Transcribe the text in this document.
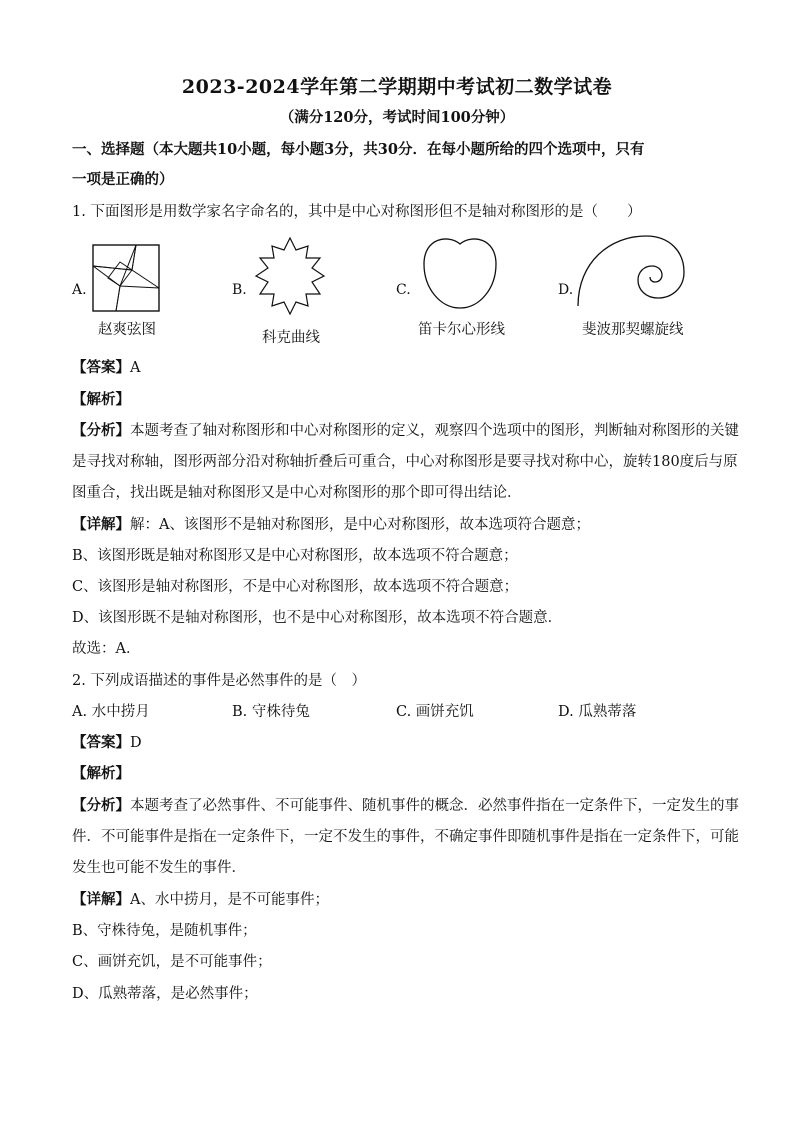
2023-2024学年第二学期期中考试初二数学试卷
（满分120分，考试时间100分钟）
一、选择题（本大题共10小题，每小题3分，共30分．在每小题所给的四个选项中，只有
一项是正确的）
1. 下面图形是用数学家名字命名的，其中是中心对称图形但不是轴对称图形的是（　　）
A.
赵爽弦图
B.
科克曲线
C.
笛卡尔心形线
D.
斐波那契螺旋线
【答案】A
【解析】
【分析】本题考查了轴对称图形和中心对称图形的定义，观察四个选项中的图形，判断轴对称图形的关键
是寻找对称轴，图形两部分沿对称轴折叠后可重合，中心对称图形是要寻找对称中心，旋转180度后与原
图重合，找出既是轴对称图形又是中心对称图形的那个即可得出结论．
【详解】解：A、该图形不是轴对称图形，是中心对称图形，故本选项符合题意；
B、该图形既是轴对称图形又是中心对称图形，故本选项不符合题意；
C、该图形是轴对称图形，不是中心对称图形，故本选项不符合题意；
D、该图形既不是轴对称图形，也不是中心对称图形，故本选项不符合题意．
故选：A．
2. 下列成语描述的事件是必然事件的是（　）
A. 水中捞月	B. 守株待兔	C. 画饼充饥	D. 瓜熟蒂落
【答案】D
【解析】
【分析】本题考查了必然事件、不可能事件、随机事件的概念．必然事件指在一定条件下，一定发生的事
件．不可能事件是指在一定条件下，一定不发生的事件，不确定事件即随机事件是指在一定条件下，可能
发生也可能不发生的事件．
【详解】A、水中捞月，是不可能事件；
B、守株待兔，是随机事件；
C、画饼充饥，是不可能事件；
D、瓜熟蒂落，是必然事件；
